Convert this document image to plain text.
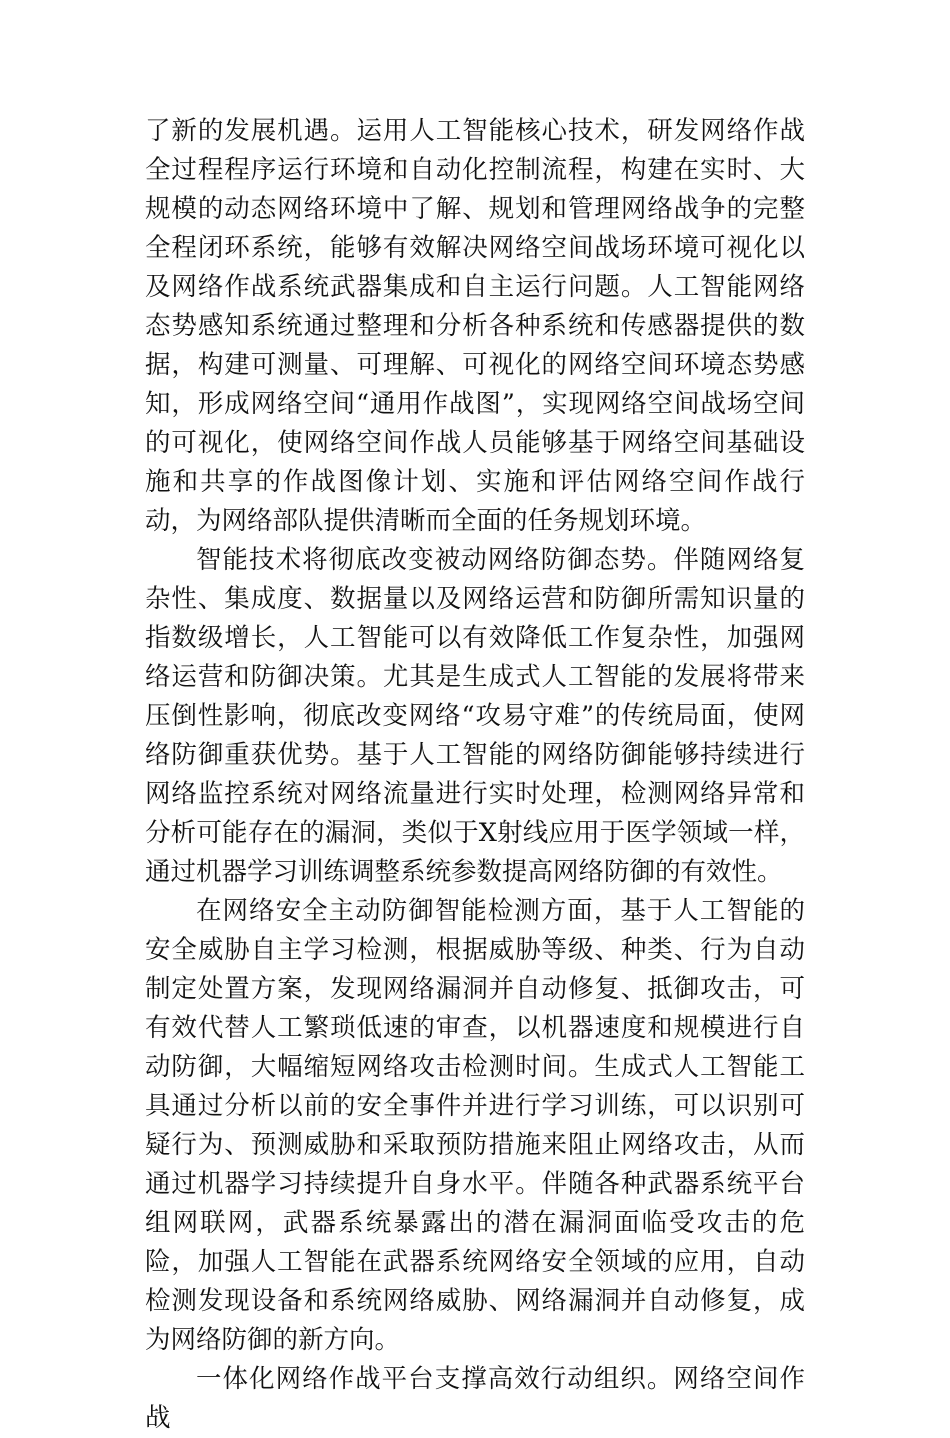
了新的发展机遇。运用人工智能核心技术，研发网络作战全过程程序运行环境和自动化控制流程，构建在实时、大规模的动态网络环境中了解、规划和管理网络战争的完整全程闭环系统，能够有效解决网络空间战场环境可视化以及网络作战系统武器集成和自主运行问题。人工智能网络态势感知系统通过整理和分析各种系统和传感器提供的数据，构建可测量、可理解、可视化的网络空间环境态势感知，形成网络空间“通用作战图”，实现网络空间战场空间的可视化，使网络空间作战人员能够基于网络空间基础设施和共享的作战图像计划、实施和评估网络空间作战行动，为网络部队提供清晰而全面的任务规划环境。

智能技术将彻底改变被动网络防御态势。伴随网络复杂性、集成度、数据量以及网络运营和防御所需知识量的指数级增长，人工智能可以有效降低工作复杂性，加强网络运营和防御决策。尤其是生成式人工智能的发展将带来压倒性影响，彻底改变网络“攻易守难”的传统局面，使网络防御重获优势。基于人工智能的网络防御能够持续进行网络监控系统对网络流量进行实时处理，检测网络异常和分析可能存在的漏洞，类似于X射线应用于医学领域一样，通过机器学习训练调整系统参数提高网络防御的有效性。

在网络安全主动防御智能检测方面，基于人工智能的安全威胁自主学习检测，根据威胁等级、种类、行为自动制定处置方案，发现网络漏洞并自动修复、抵御攻击，可有效代替人工繁琐低速的审查，以机器速度和规模进行自动防御，大幅缩短网络攻击检测时间。生成式人工智能工具通过分析以前的安全事件并进行学习训练，可以识别可疑行为、预测威胁和采取预防措施来阻止网络攻击，从而通过机器学习持续提升自身水平。伴随各种武器系统平台组网联网，武器系统暴露出的潜在漏洞面临受攻击的危险，加强人工智能在武器系统网络安全领域的应用，自动检测发现设备和系统网络威胁、网络漏洞并自动修复，成为网络防御的新方向。

一体化网络作战平台支撑高效行动组织。网络空间作战
